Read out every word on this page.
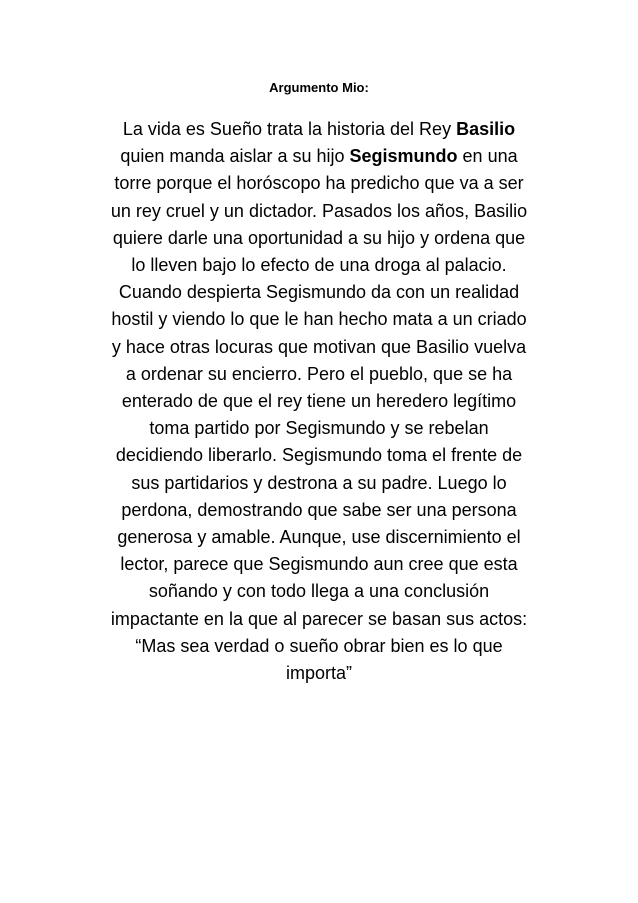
Argumento Mio:
La vida es Sueño trata la historia del Rey Basilio
quien manda aislar a su hijo Segismundo en una
torre porque el horóscopo ha predicho que va a ser
un rey cruel y un dictador. Pasados los años, Basilio
quiere darle una oportunidad a su hijo y ordena que
lo lleven bajo lo efecto de una droga al palacio.
Cuando despierta Segismundo da con un realidad
hostil y viendo lo que le han hecho mata a un criado
y hace otras locuras que motivan que Basilio vuelva
a ordenar su encierro. Pero el pueblo, que se ha
enterado de que el rey tiene un heredero legítimo
toma partido por Segismundo y se rebelan
decidiendo liberarlo. Segismundo toma el frente de
sus partidarios y destrona a su padre. Luego lo
perdona, demostrando que sabe ser una persona
generosa y amable. Aunque, use discernimiento el
lector, parece que Segismundo aun cree que esta
soñando y con todo llega a una conclusión
impactante en la que al parecer se basan sus actos:
“Mas sea verdad o sueño obrar bien es lo que
importa”
